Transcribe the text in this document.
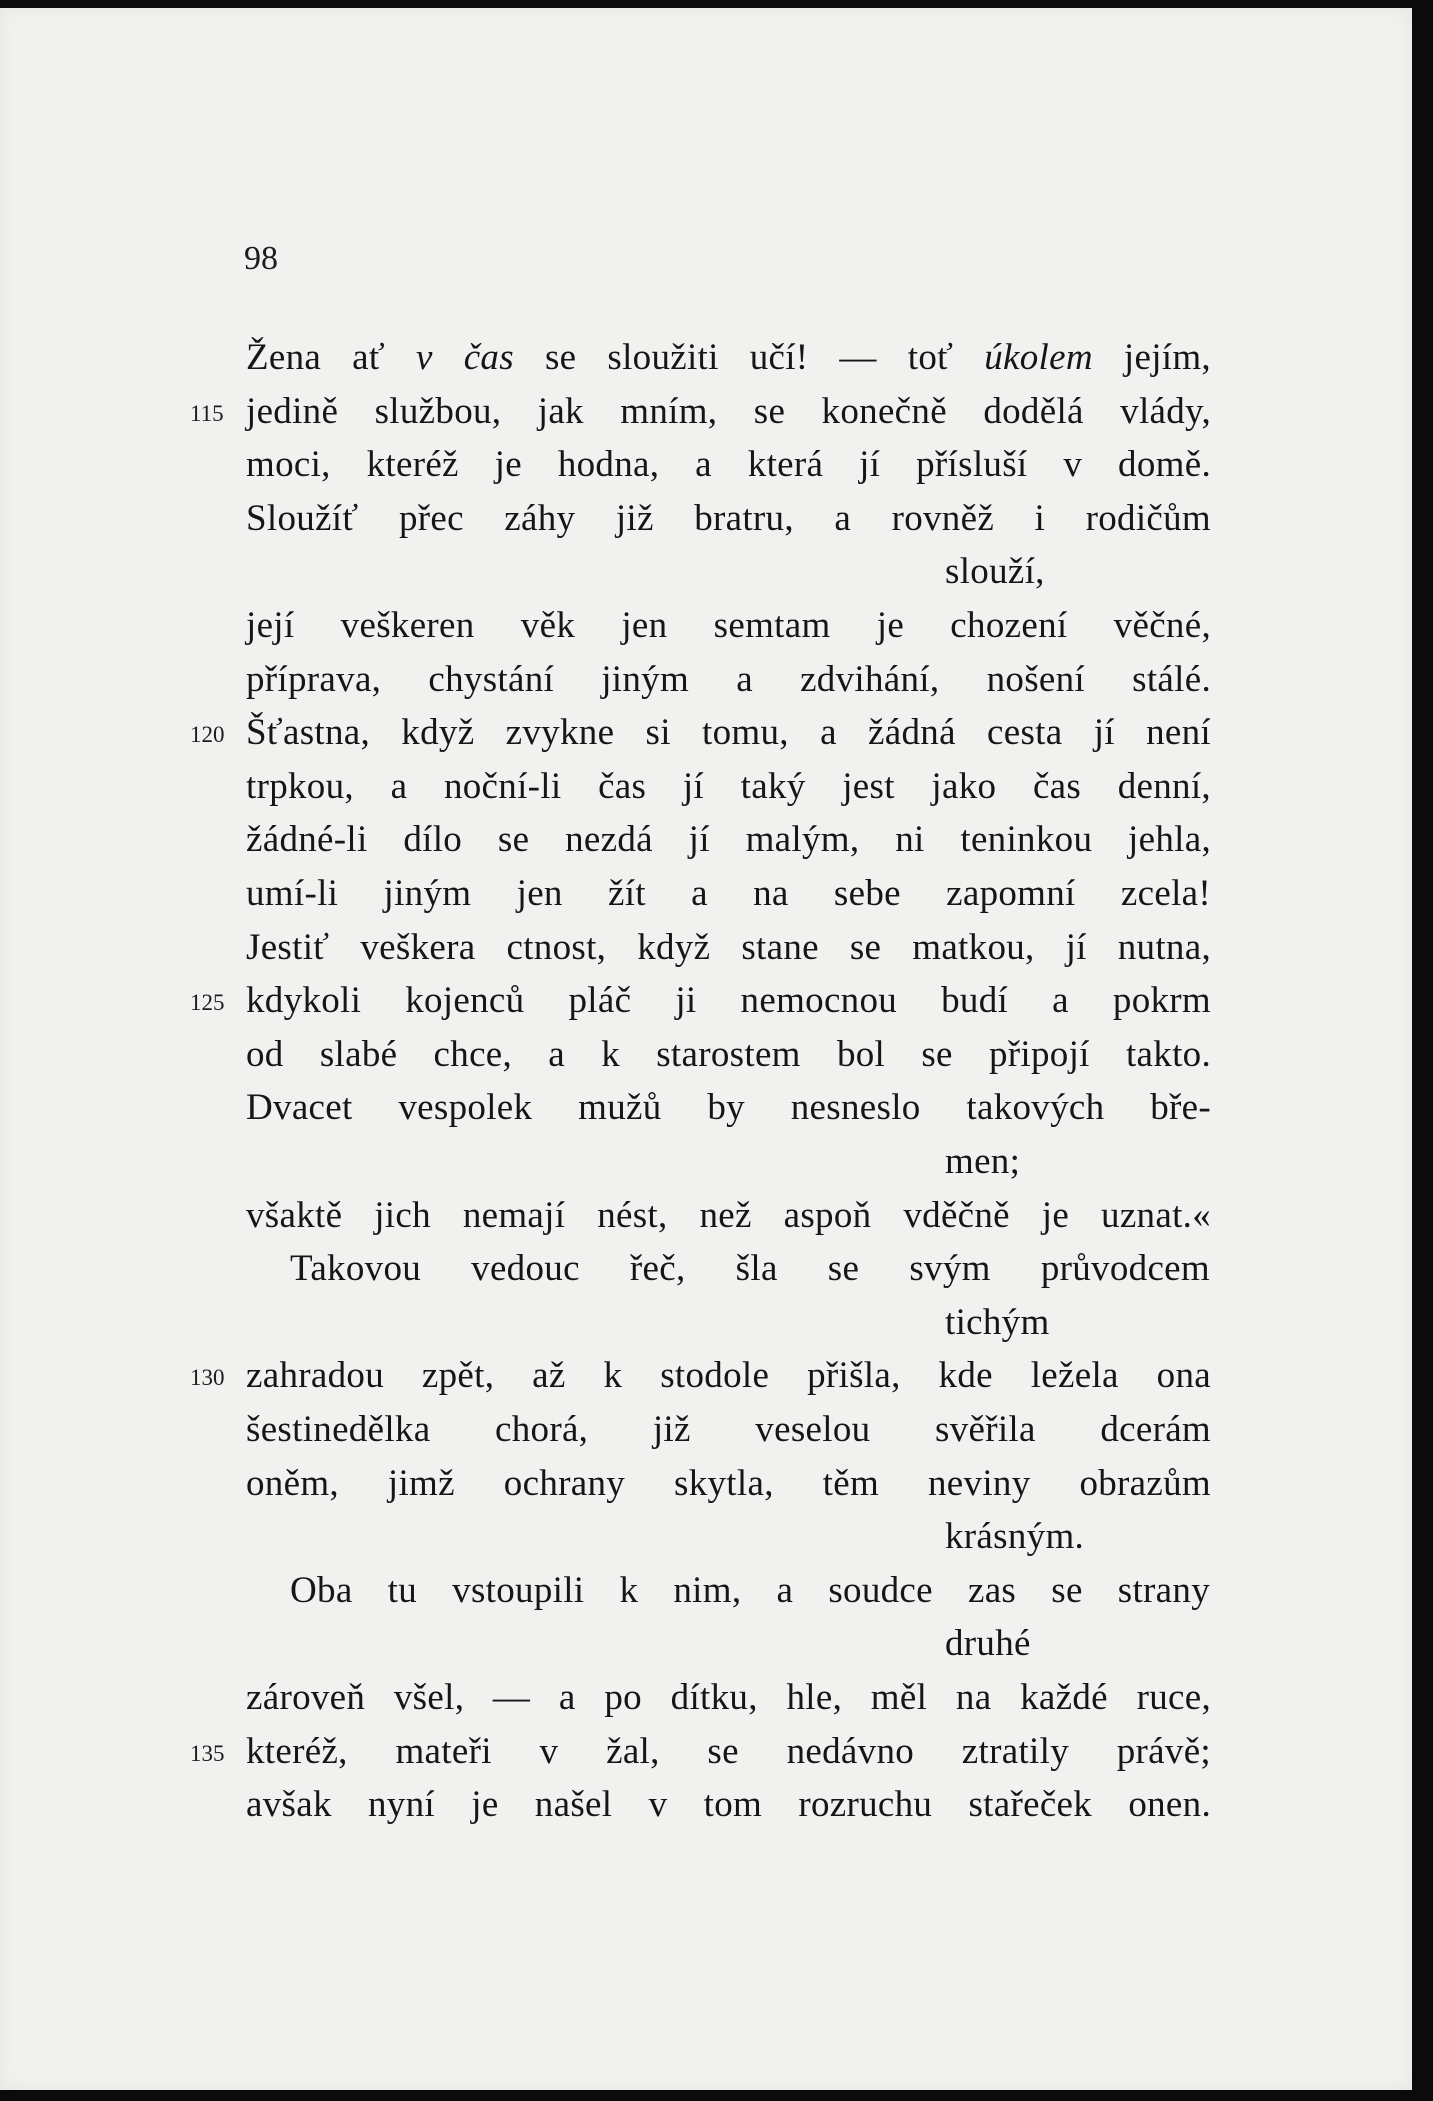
98
Žena ať v čas se sloužiti učí! — toť úkolem jejím,
115 jedině službou, jak mním, se konečně dodělá vlády,
moci, kteréž je hodna, a která jí přísluší v domě.
Sloužíť přec záhy již bratru, a rovněž i rodičům
slouží,
její veškeren věk jen semtam je chození věčné,
příprava, chystání jiným a zdvihání, nošení stálé.
120 Šťastna, když zvykne si tomu, a žádná cesta jí není
trpkou, a noční-li čas jí taký jest jako čas denní,
žádné-li dílo se nezdá jí malým, ni teninkou jehla,
umí-li jiným jen žít a na sebe zapomní zcela!
Jestiť veškera ctnost, když stane se matkou, jí nutna,
125 kdykoli kojenců pláč ji nemocnou budí a pokrm
od slabé chce, a k starostem bol se připojí takto.
Dvacet vespolek mužů by nesneslo takových bře-
men;
všaktě jich nemají nést, než aspoň vděčně je uznat.«
Takovou vedouc řeč, šla se svým průvodcem
tichým
130 zahradou zpět, až k stodole přišla, kde ležela ona
šestinedělka chorá, již veselou svěřila dcerám
oněm, jimž ochrany skytla, těm neviny obrazům
krásným.
Oba tu vstoupili k nim, a soudce zas se strany
druhé
zároveň všel, — a po dítku, hle, měl na každé ruce,
135 kteréž, mateři v žal, se nedávno ztratily právě;
avšak nyní je našel v tom rozruchu stařeček onen.
